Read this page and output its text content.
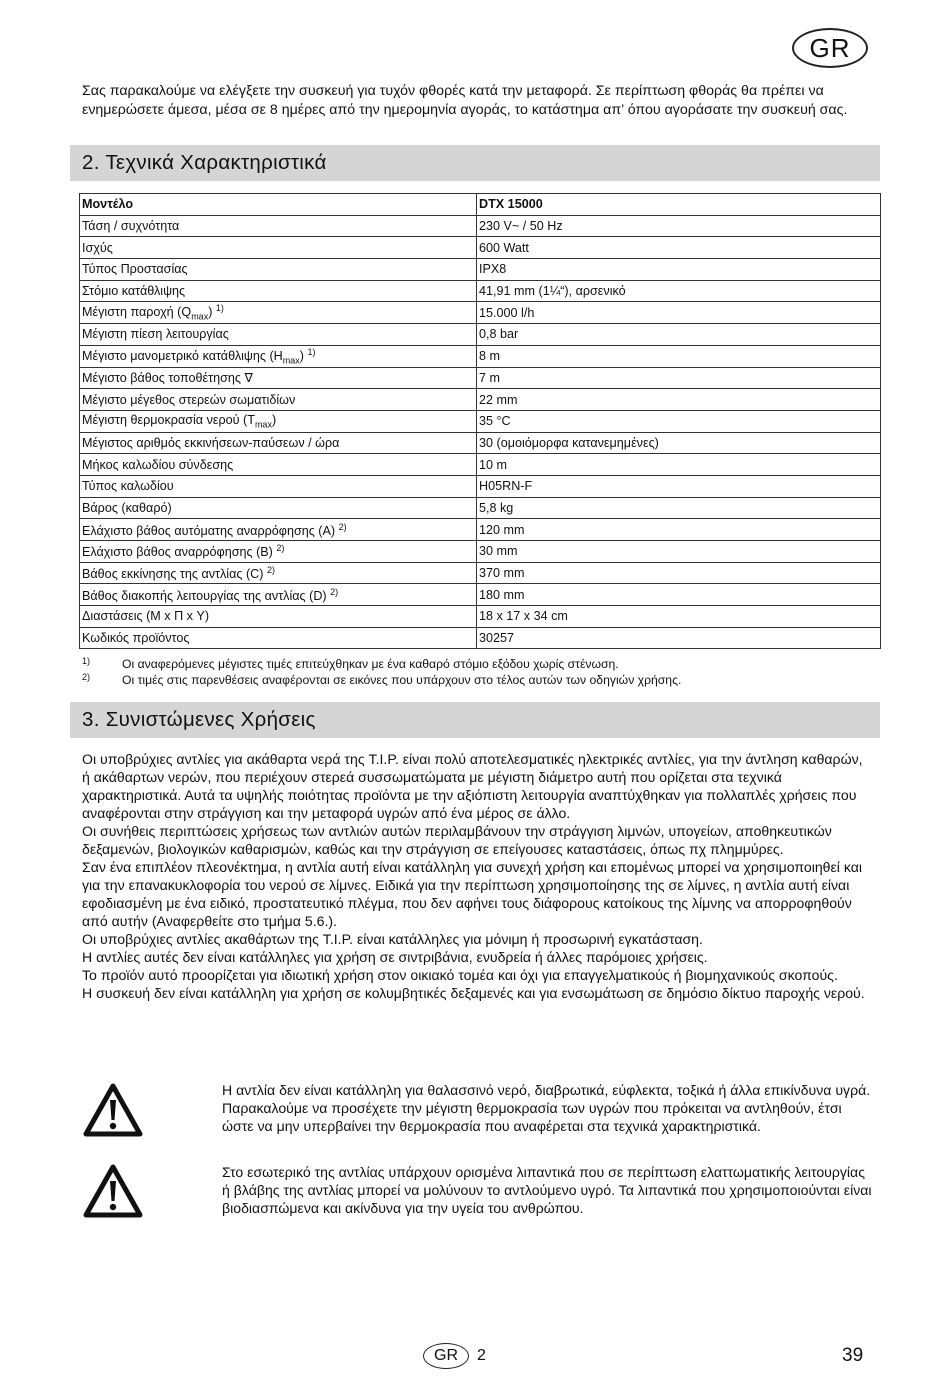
GR
Σας παρακαλούμε να ελέγξετε την συσκευή για τυχόν φθορές κατά την μεταφορά. Σε περίπτωση φθοράς θα πρέπει να ενημερώσετε άμεσα, μέσα σε 8 ημέρες από την ημερομηνία αγοράς, το κατάστημα απ’ όπου αγοράσατε την συσκευή σας.
2. Τεχνικά Χαρακτηριστικά
Μοντέλο	DTX 15000
Τάση / συχνότητα	230 V~ / 50 Hz
Ισχύς	600 Watt
Τύπος Προστασίας	IPX8
Στόμιο κατάθλιψης	41,91 mm (1¼“), αρσενικό
Μέγιστη παροχή $(Q_{max})$ $^{1)}$	15.000 l/h
Μέγιστη πίεση λειτουργίας	0,8 bar
Μέγιστο μανομετρικό κατάθλιψης $(H_{max})$ $^{1)}$	8 m
Μέγιστο βάθος τοποθέτησης ∇	7 m
Μέγιστο μέγεθος στερεών σωματιδίων	22 mm
Μέγιστη θερμοκρασία νερού $(T_{max})$	35 °C
Μέγιστος αριθμός εκκινήσεων-παύσεων / ώρα	30 (ομοιόμορφα κατανεμημένες)
Μήκος καλωδίου σύνδεσης	10 m
Τύπος καλωδίου	H05RN-F
Βάρος (καθαρό)	5,8 kg
Ελάχιστο βάθος αυτόματης αναρρόφησης (A) $^{2)}$	120 mm
Ελάχιστο βάθος αναρρόφησης (B) $^{2)}$	30 mm
Βάθος εκκίνησης της αντλίας (C) $^{2)}$	370 mm
Βάθος διακοπής λειτουργίας της αντλίας (D) $^{2)}$	180 mm
Διαστάσεις (Μ x Π x Υ)	18 x 17 x 34 cm
Κωδικός προϊόντος	30257
1)	Οι αναφερόμενες μέγιστες τιμές επιτεύχθηκαν με ένα καθαρό στόμιο εξόδου χωρίς στένωση.
2)	Οι τιμές στις παρενθέσεις αναφέρονται σε εικόνες που υπάρχουν στο τέλος αυτών των οδηγιών χρήσης.
3. Συνιστώμενες Χρήσεις

Οι υποβρύχιες αντλίες για ακάθαρτα νερά της T.I.P. είναι πολύ αποτελεσματικές ηλεκτρικές αντλίες, για την άντληση καθαρών, ή ακάθαρτων νερών, που περιέχουν στερεά συσσωματώματα με μέγιστη διάμετρο αυτή που ορίζεται στα τεχνικά χαρακτηριστικά. Αυτά τα υψηλής ποιότητας προϊόντα με την αξιόπιστη λειτουργία αναπτύχθηκαν για πολλαπλές χρήσεις που αναφέρονται στην στράγγιση και την μεταφορά υγρών από ένα μέρος σε άλλο.

Οι συνήθεις περιπτώσεις χρήσεως των αντλιών αυτών περιλαμβάνουν την στράγγιση λιμνών, υπογείων, αποθηκευτικών δεξαμενών, βιολογικών καθαρισμών, καθώς και την στράγγιση σε επείγουσες καταστάσεις, όπως πχ πλημμύρες.

Σαν ένα επιπλέον πλεονέκτημα, η αντλία αυτή είναι κατάλληλη για συνεχή χρήση και επομένως μπορεί να χρησιμοποιηθεί και για την επανακυκλοφορία του νερού σε λίμνες. Ειδικά για την περίπτωση χρησιμοποίησης της σε λίμνες, η αντλία αυτή είναι εφοδιασμένη με ένα ειδικό, προστατευτικό πλέγμα, που δεν αφήνει τους διάφορους κατοίκους της λίμνης να απορροφηθούν από αυτήν (Αναφερθείτε στο τμήμα 5.6.).

Οι υποβρύχιες αντλίες ακαθάρτων της T.I.P. είναι κατάλληλες για μόνιμη ή προσωρινή εγκατάσταση.

Η αντλίες αυτές δεν είναι κατάλληλες για χρήση σε σιντριβάνια, ενυδρεία ή άλλες παρόμοιες χρήσεις.

Το προϊόν αυτό προορίζεται για ιδιωτική χρήση στον οικιακό τομέα και όχι για επαγγελματικούς ή βιομηχανικούς σκοπούς.

Η συσκευή δεν είναι κατάλληλη για χρήση σε κολυμβητικές δεξαμενές και για ενσωμάτωση σε δημόσιο δίκτυο παροχής νερού.

Η αντλία δεν είναι κατάλληλη για θαλασσινό νερό, διαβρωτικά, εύφλεκτα, τοξικά ή άλλα επικίνδυνα υγρά. Παρακαλούμε να προσέχετε την μέγιστη θερμοκρασία των υγρών που πρόκειται να αντληθούν, έτσι ώστε να μην υπερβαίνει την θερμοκρασία που αναφέρεται στα τεχνικά χαρακτηριστικά.
Στο εσωτερικό της αντλίας υπάρχουν ορισμένα λιπαντικά που σε περίπτωση ελαττωματικής λειτουργίας ή βλάβης της αντλίας μπορεί να μολύνουν το αντλούμενο υγρό. Τα λιπαντικά που χρησιμοποιούνται είναι βιοδιασπώμενα και ακίνδυνα για την υγεία του ανθρώπου.
GR	2	39
